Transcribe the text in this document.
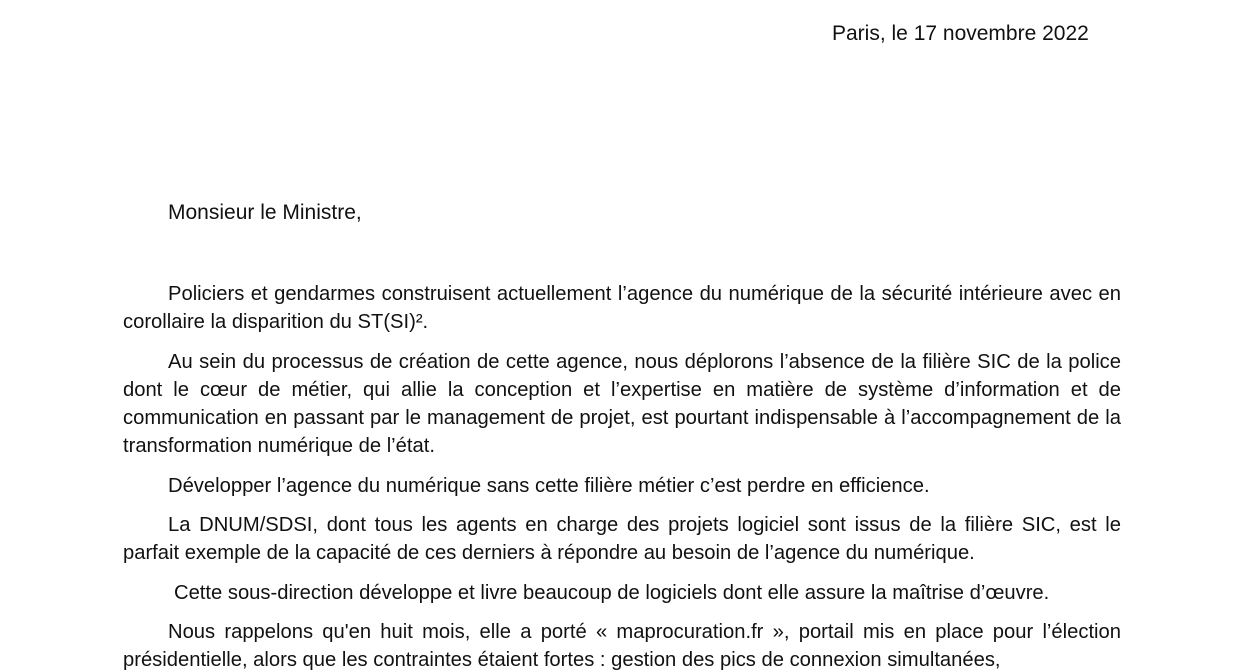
Paris, le 17 novembre 2022
Monsieur le Ministre,

Policiers et gendarmes construisent actuellement l’agence du numérique de la sécurité intérieure avec en corollaire la disparition du ST(SI)².

Au sein du processus de création de cette agence, nous déplorons l’absence de la filière SIC de la police dont le cœur de métier, qui allie la conception et l’expertise en matière de système d’information et de communication en passant par le management de projet, est pourtant indispensable à l’accompagnement de la transformation numérique de l’état.

Développer l’agence du numérique sans cette filière métier c’est perdre en efficience.

La DNUM/SDSI, dont tous les agents en charge des projets logiciel sont issus de la filière SIC, est le parfait exemple de la capacité de ces derniers à répondre au besoin de l’agence du numérique.

Cette sous-direction développe et livre beaucoup de logiciels dont elle assure la maîtrise d’œuvre.

Nous rappelons qu'en huit mois, elle a porté « maprocuration.fr », portail mis en place pour l’élection présidentielle, alors que les contraintes étaient fortes : gestion des pics de connexion simultanées,
